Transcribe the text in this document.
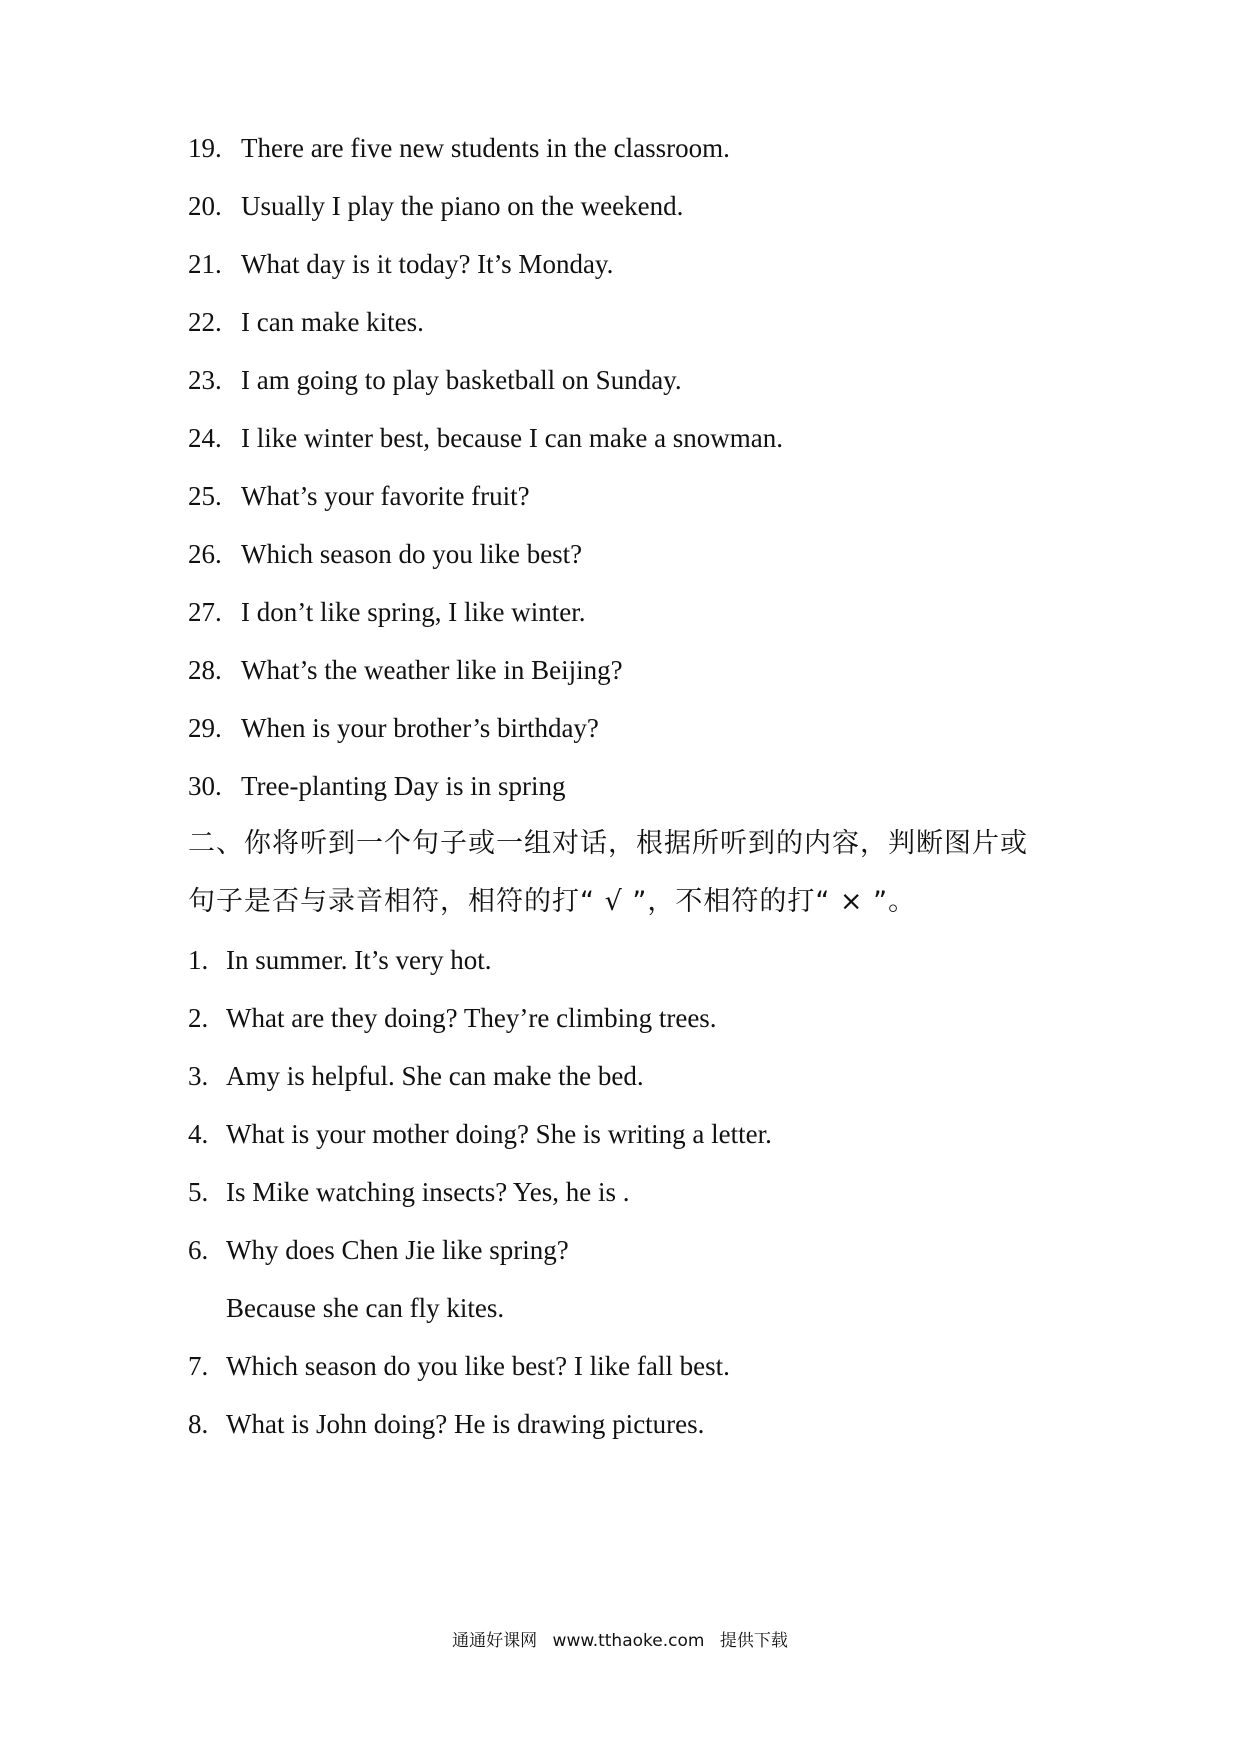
19. There are five new students in the classroom.
20. Usually I play the piano on the weekend.
21. What day is it today? It’s Monday.
22. I can make kites.
23. I am going to play basketball on Sunday.
24. I like winter best, because I can make a snowman.
25. What’s your favorite fruit?
26. Which season do you like best?
27. I don’t like spring, I like winter.
28. What’s the weather like in Beijing?
29. When is your brother’s birthday?
30. Tree-planting Day is in spring
二、你将听到一个句子或一组对话，根据所听到的内容，判断图片或
句子是否与录音相符，相符的打“ √ ”，不相符的打“ × ”。
1. In summer. It’s very hot.
2. What are they doing? They’re climbing trees.
3. Amy is helpful. She can make the bed.
4. What is your mother doing? She is writing a letter.
5. Is Mike watching insects? Yes, he is .
6. Why does Chen Jie like spring?
Because she can fly kites.
7. Which season do you like best? I like fall best.
8. What is John doing? He is drawing pictures.
通通好课网 www.tthaoke.com 提供下载
